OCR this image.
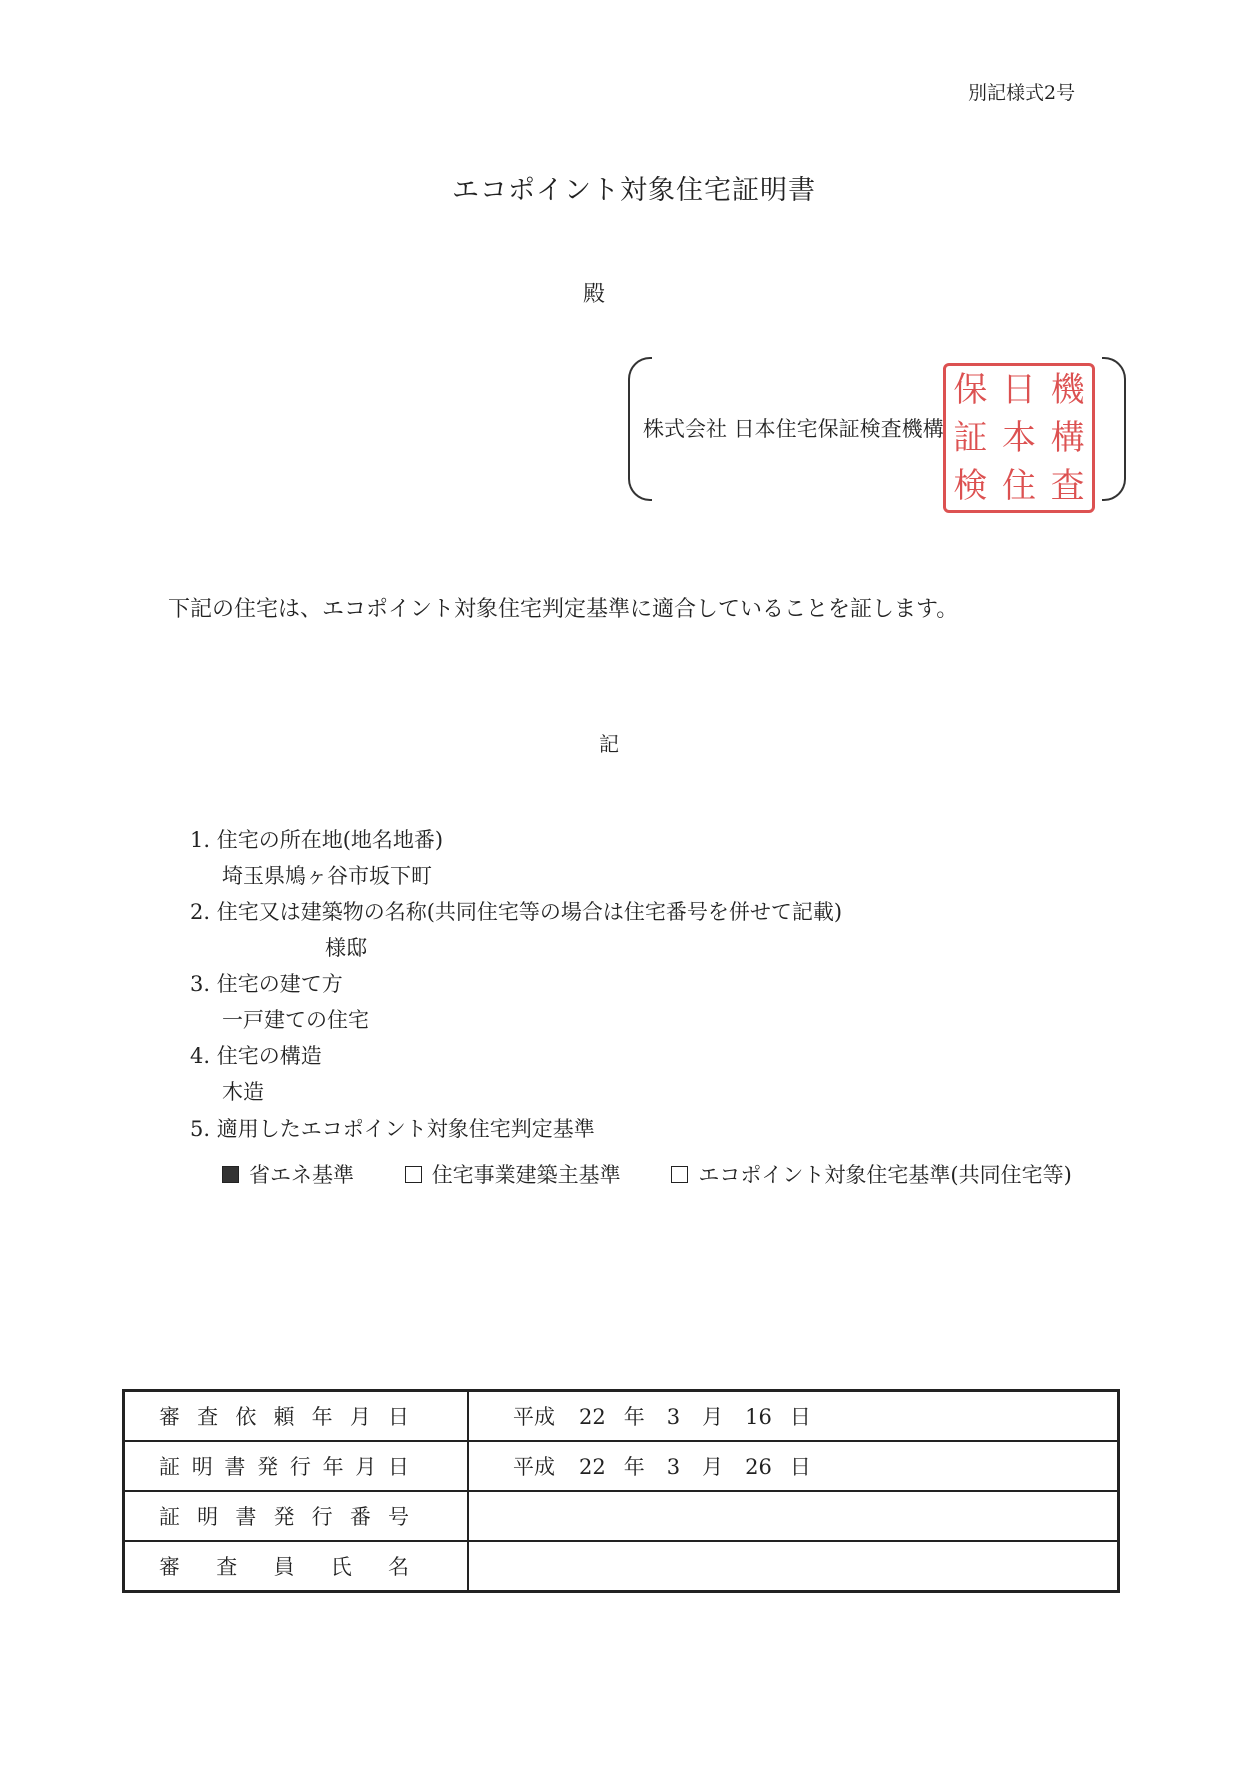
別記様式2号
エコポイント対象住宅証明書
殿
保 日 機
証 本 構
検 住 査
株式会社 日本住宅保証検査機構
下記の住宅は、エコポイント対象住宅判定基準に適合していることを証します。
記
1. 住宅の所在地(地名地番)
埼玉県鳩ヶ谷市坂下町
2. 住宅又は建築物の名称(共同住宅等の場合は住宅番号を併せて記載)
様邸
3. 住宅の建て方
一戸建ての住宅
4. 住宅の構造
木造
5. 適用したエコポイント対象住宅判定基準
省エネ基準
	住宅事業建築主基準
	エコポイント対象住宅基準(共同住宅等)
審査依頼年月日	平成 22 年 3 月 16 日
証明書発行年月日	平成 22 年 3 月 26 日
証明書発行番号	
審査員氏名	
